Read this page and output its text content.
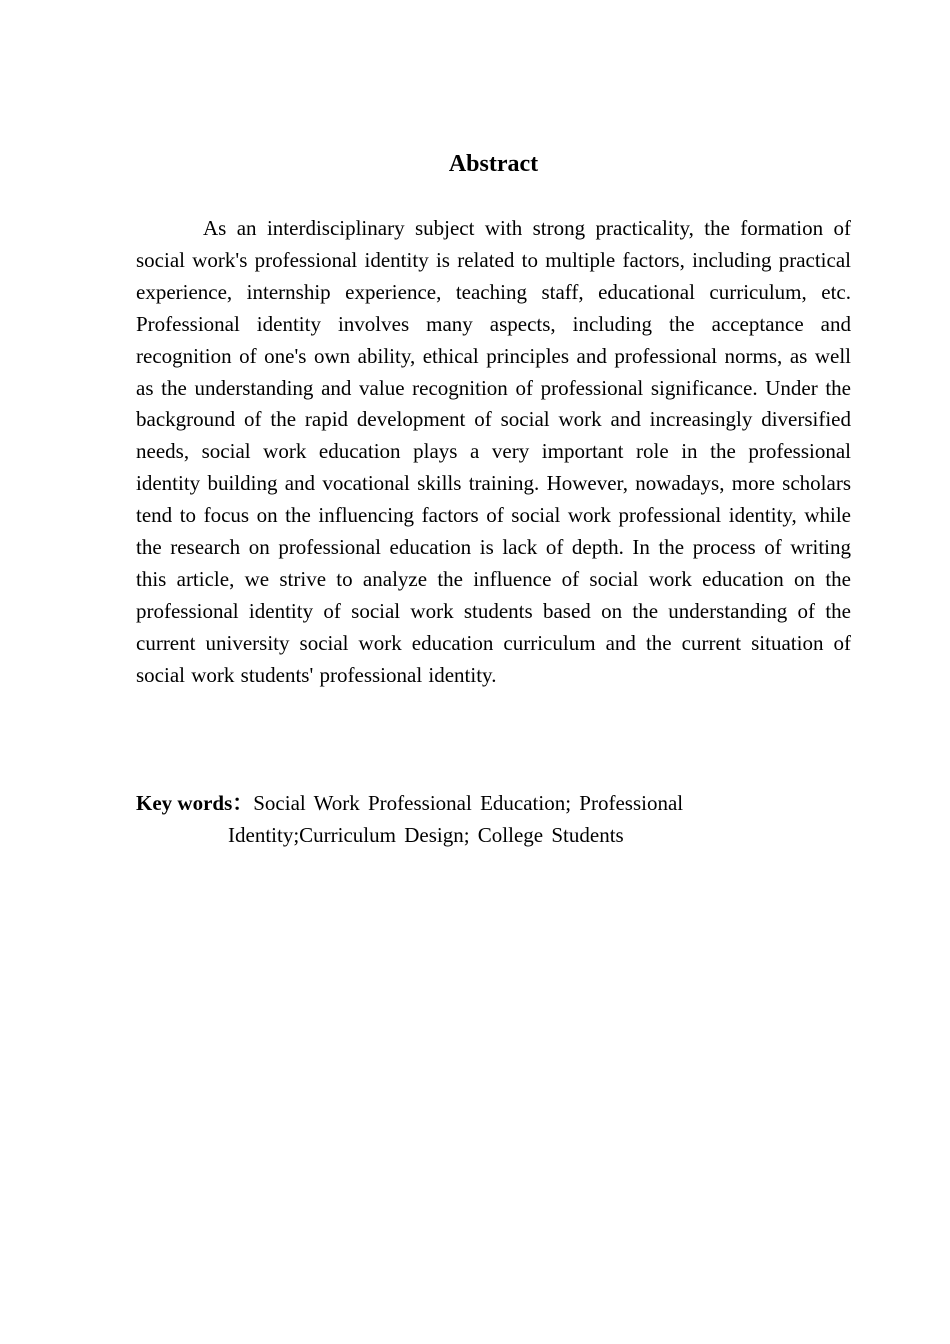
Abstract

As an interdisciplinary subject with strong practicality, the formation of social work's professional identity is related to multiple factors, including practical experience, internship experience, teaching staff, educational curriculum, etc. Professional identity involves many aspects, including the acceptance and recognition of one's own ability, ethical principles and professional norms, as well as the understanding and value recognition of professional significance. Under the background of the rapid development of social work and increasingly diversified needs, social work education plays a very important role in the professional identity building and vocational skills training. However, nowadays, more scholars tend to focus on the influencing factors of social work professional identity, while the research on professional education is lack of depth. In the process of writing this article, we strive to analyze the influence of social work education on the professional identity of social work students based on the understanding of the current university social work education curriculum and the current situation of social work students' professional identity.

Key words：Social Work Professional Education; Professional Identity;Curriculum Design; College Students
